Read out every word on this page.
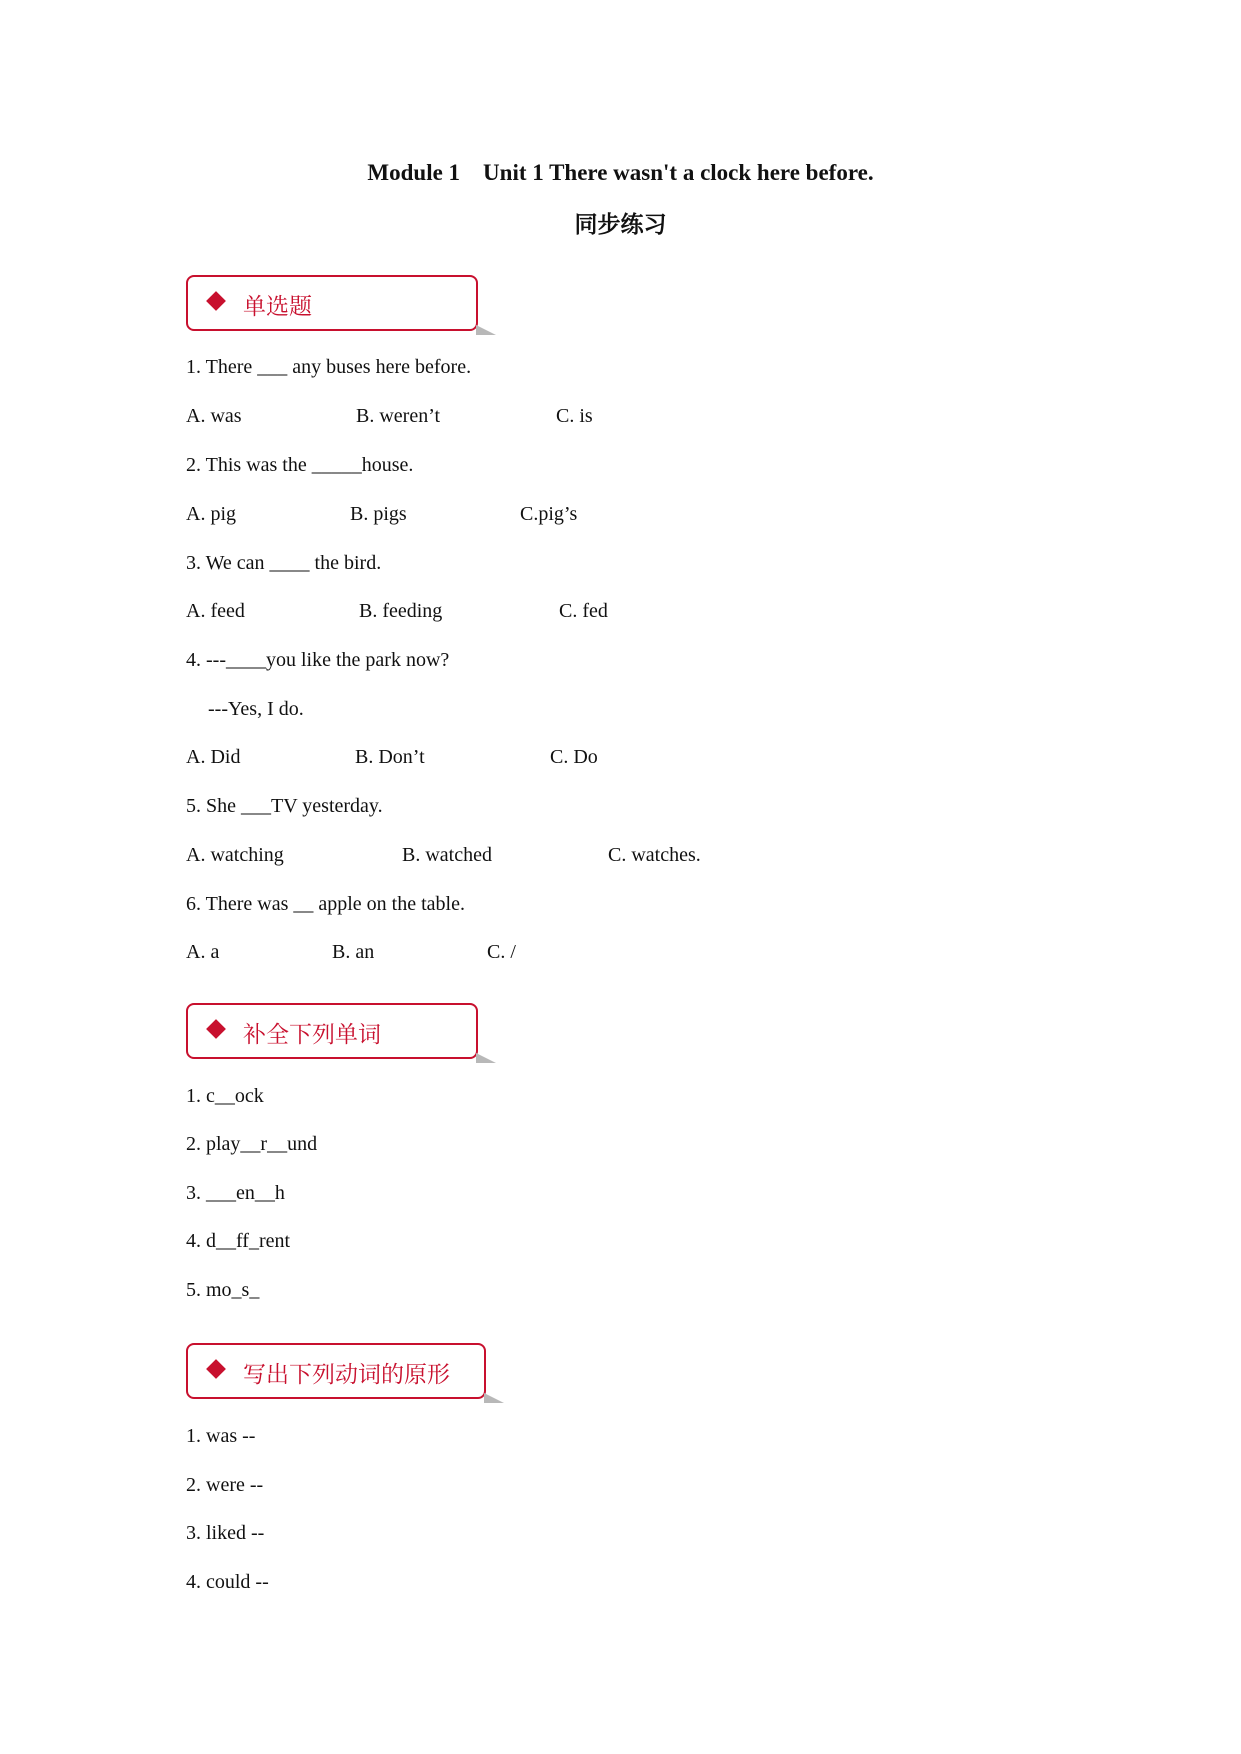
Module 1    Unit 1 There wasn't a clock here before.
同步练习
单选题
1. There ___ any buses here before.
A. was	B. weren’t	C. is
2. This was the _____house.
A. pig	B. pigs	C.pig’s
3. We can ____ the bird.
A. feed	B. feeding	C. fed
4. ---____you like the park now?
---Yes, I do.
A. Did	B. Don’t	C. Do
5. She ___TV yesterday.
A. watching	B. watched	C. watches.
6. There was __ apple on the table.
A. a	B. an	C. /
补全下列单词
1. c__ock
2. play__r__und
3. ___en__h
4. d__ff_rent
5. mo_s_
写出下列动词的原形
1. was --
2. were --
3. liked --
4. could --
